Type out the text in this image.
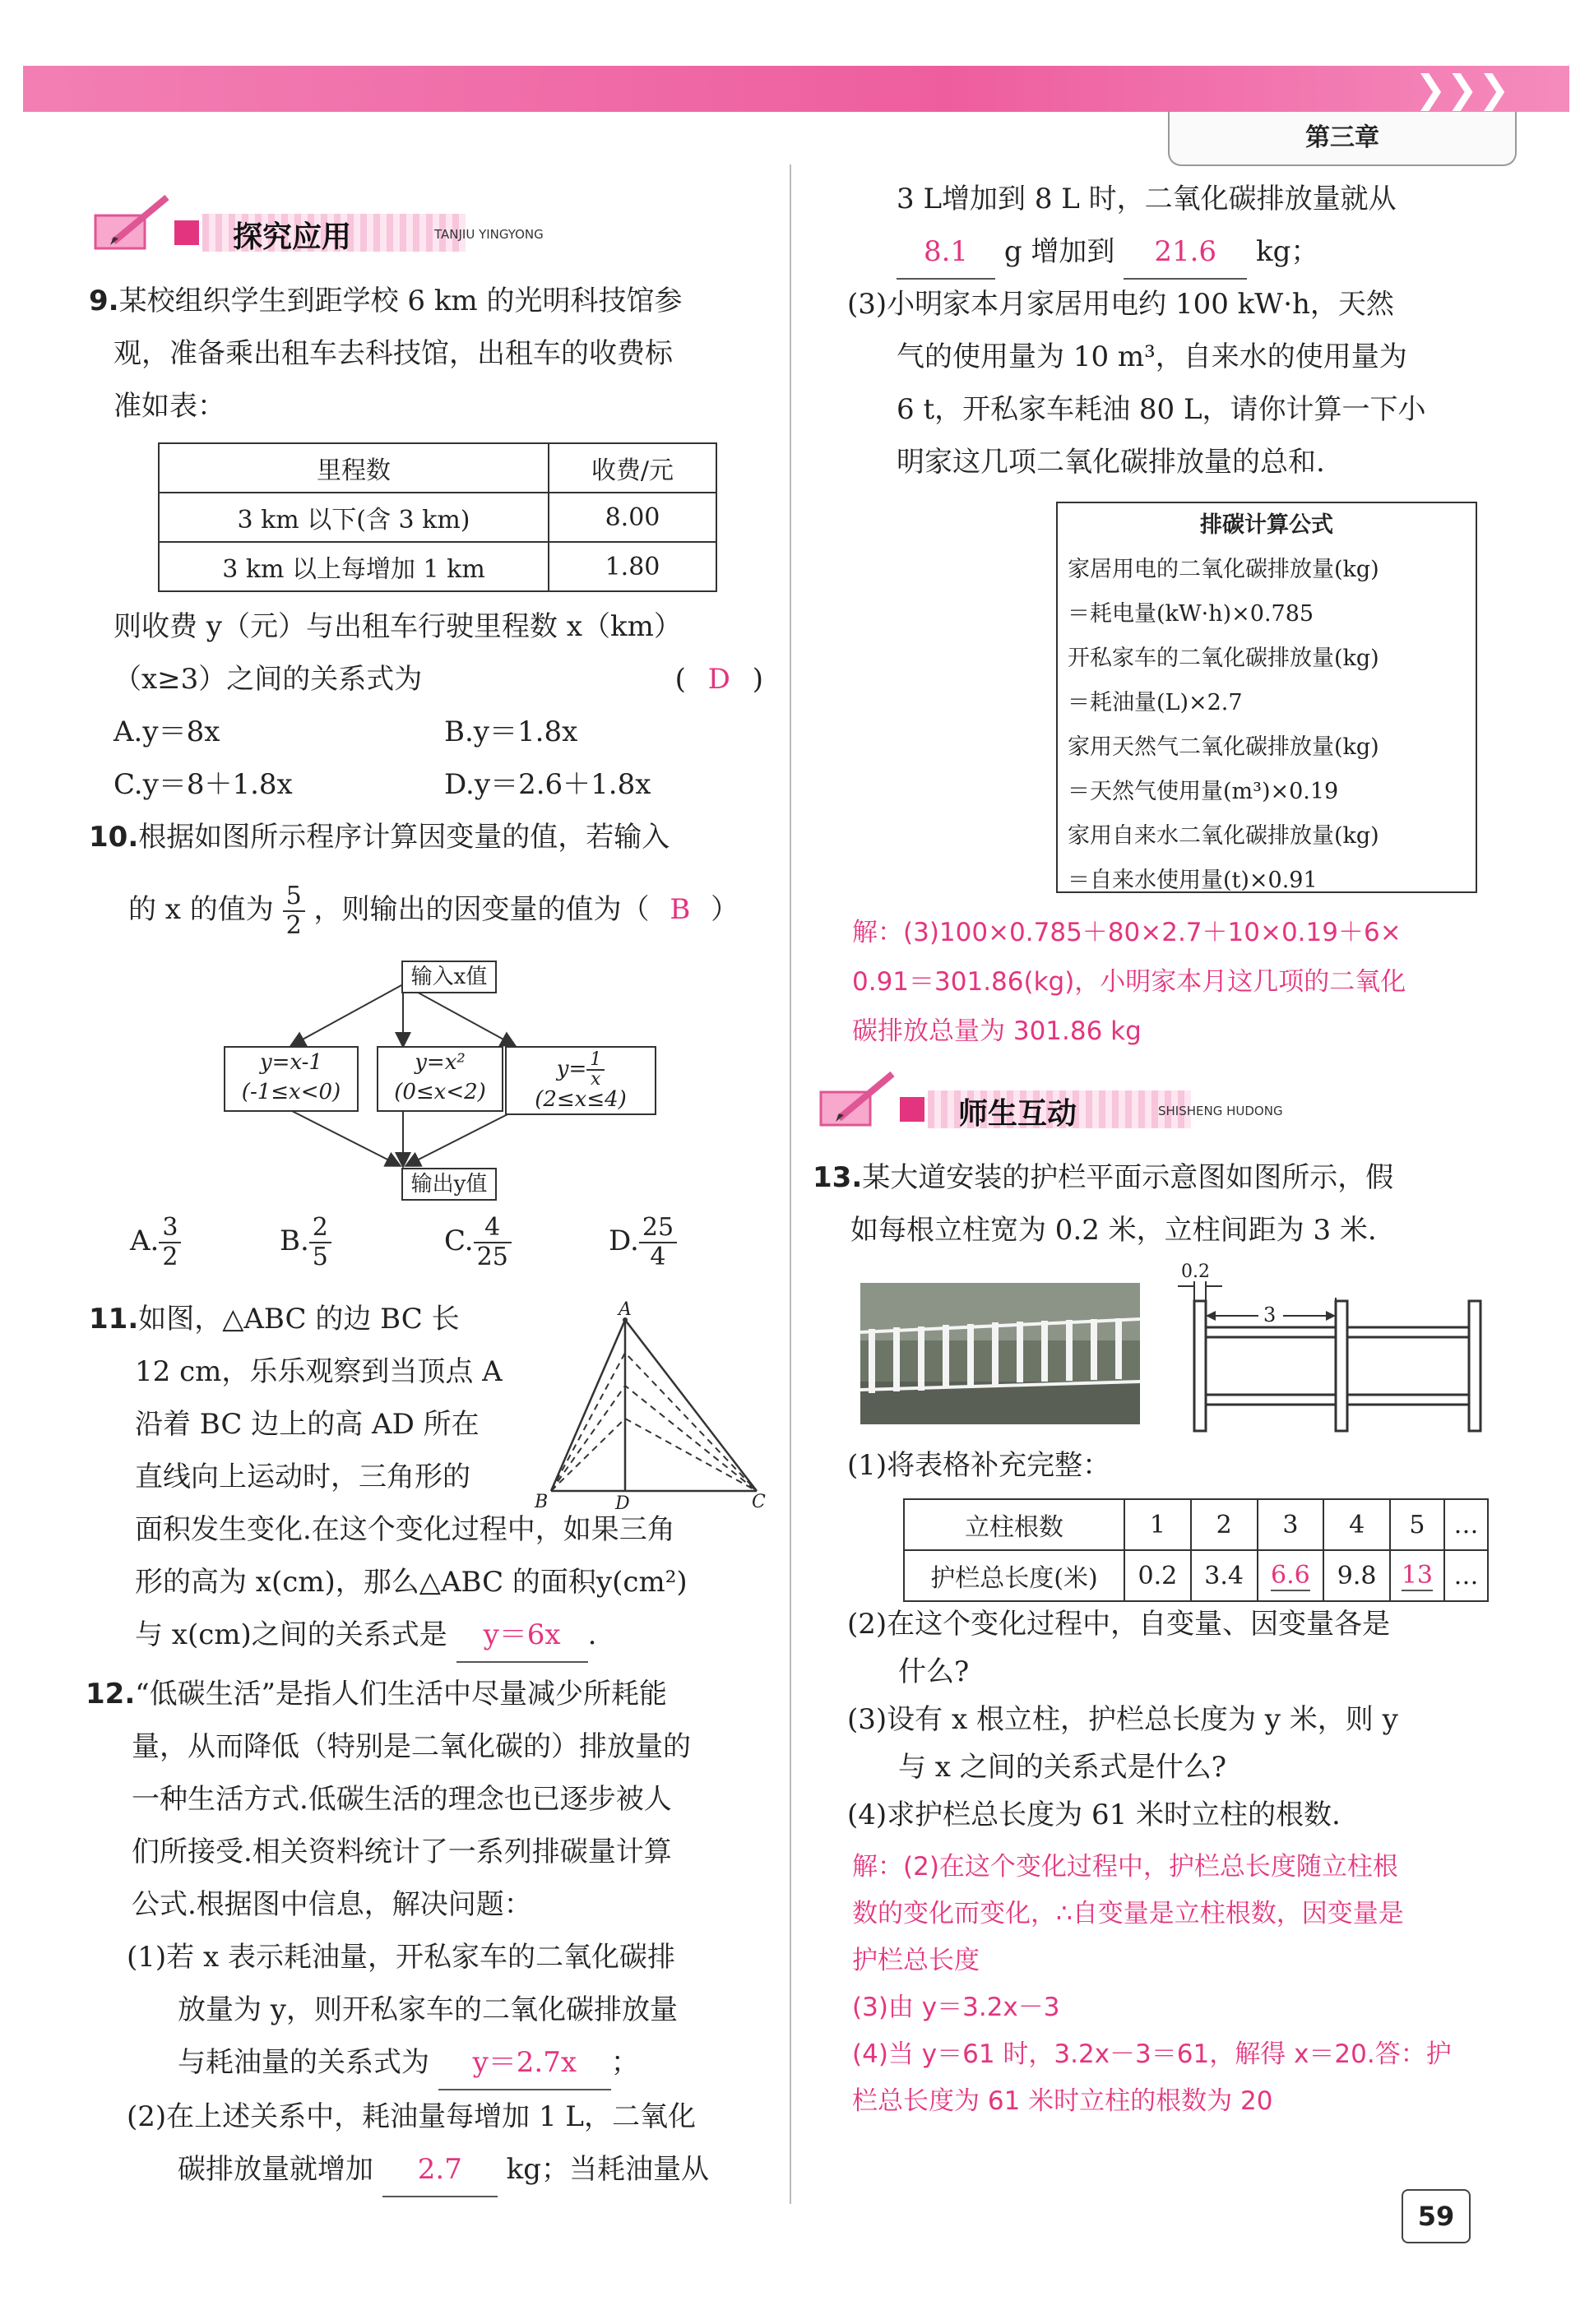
❯❯❯
第三章
探究应用	TANJIU YINGYONG
9.某校组织学生到距学校 6 km 的光明科技馆参
观，准备乘出租车去科技馆，出租车的收费标
准如表：
里程数	收费/元
3 km 以下(含 3 km)	8.00
3 km 以上每增加 1 km	1.80
则收费 y（元）与出租车行驶里程数 x（km）
（x≥3）之间的关系式为	( D )
A.y＝8x	B.y＝1.8x
C.y＝8＋1.8x	D.y＝2.6＋1.8x
10.根据如图所示程序计算因变量的值，若输入
的 x 的值为 $\frac{5}{2}$ ，则输出的因变量的值为（ B ）
输入x值
y=x-1
(-1≤x<0)
y=x²
(0≤x<2)
$y= \frac{1}{x}$
(2≤x≤4)
输出y值
A. $\frac{3}{2}$	B. $\frac{2}{5}$	C. $\frac{4}{25}$	D. $\frac{25}{4}$
11.如图，△ABC 的边 BC 长
12 cm，乐乐观察到当顶点 A
沿着 BC 边上的高 AD 所在
直线向上运动时，三角形的
A
B	D	C
面积发生变化.在这个变化过程中，如果三角
形的高为 x(cm)，那么△ABC 的面积y(cm²)
与 x(cm)之间的关系式是 y＝6x .
12.“低碳生活”是指人们生活中尽量减少所耗能
量，从而降低（特别是二氧化碳的）排放量的
一种生活方式.低碳生活的理念也已逐步被人
们所接受.相关资料统计了一系列排碳量计算
公式.根据图中信息，解决问题：
(1)若 x 表示耗油量，开私家车的二氧化碳排
放量为 y，则开私家车的二氧化碳排放量
与耗油量的关系式为 y＝2.7x ；
(2)在上述关系中，耗油量每增加 1 L，二氧化
碳排放量就增加 2.7 kg；当耗油量从
3 L增加到 8 L 时，二氧化碳排放量就从
8.1 g 增加到 21.6 kg；
(3)小明家本月家居用电约 100 kW·h，天然
气的使用量为 10 m³，自来水的使用量为
6 t，开私家车耗油 80 L，请你计算一下小
明家这几项二氧化碳排放量的总和.
排碳计算公式
家居用电的二氧化碳排放量(kg)
＝耗电量(kW·h)×0.785
开私家车的二氧化碳排放量(kg)
＝耗油量(L)×2.7
家用天然气二氧化碳排放量(kg)
＝天然气使用量(m³)×0.19
家用自来水二氧化碳排放量(kg)
＝自来水使用量(t)×0.91
解：(3)100×0.785＋80×2.7＋10×0.19＋6×
0.91＝301.86(kg)，小明家本月这几项的二氧化
碳排放总量为 301.86 kg
师生互动	SHISHENG HUDONG
13.某大道安装的护栏平面示意图如图所示，假
如每根立柱宽为 0.2 米，立柱间距为 3 米.
0.2
3
(1)将表格补充完整：
立柱根数	1	2	3	4	5	…
护栏总长度(米)	0.2	3.4	6.6	9.8	13	…
(2)在这个变化过程中，自变量、因变量各是
什么?
(3)设有 x 根立柱，护栏总长度为 y 米，则 y
与 x 之间的关系式是什么?
(4)求护栏总长度为 61 米时立柱的根数.
解：(2)在这个变化过程中，护栏总长度随立柱根
数的变化而变化，∴自变量是立柱根数，因变量是
护栏总长度
(3)由 y＝3.2x－3
(4)当 y＝61 时，3.2x－3＝61，解得 x＝20.答：护
栏总长度为 61 米时立柱的根数为 20
59
